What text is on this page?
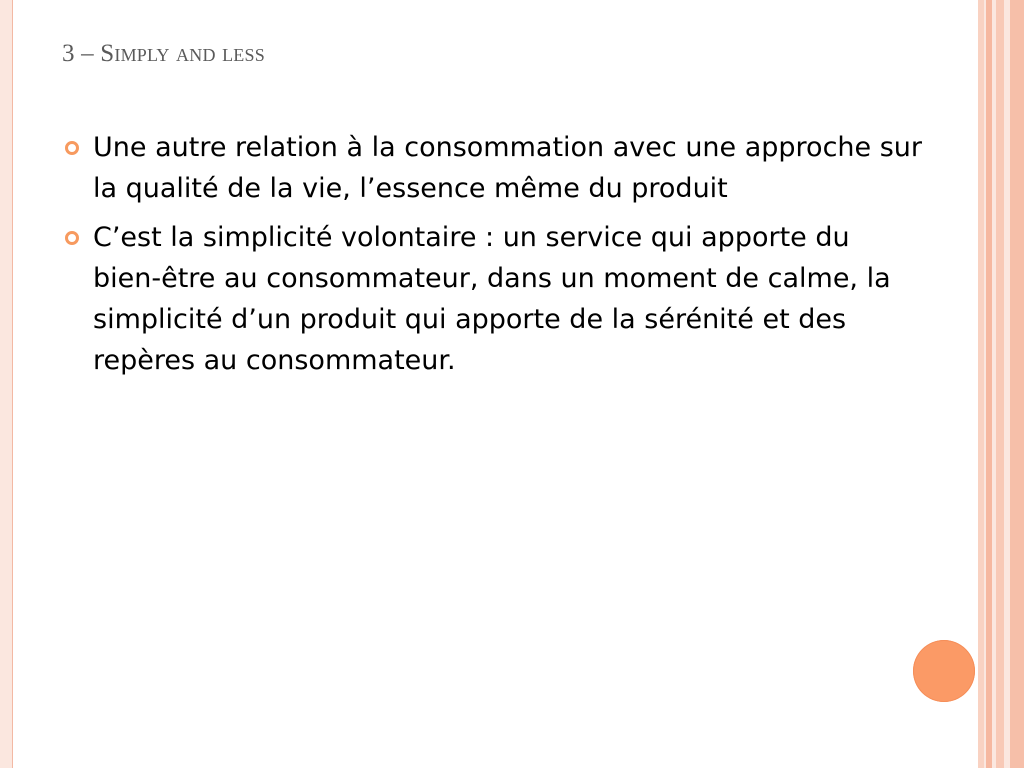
3 – Simply and less
Une autre relation à la consommation avec une approche sur la qualité de la vie, l’essence même du produit
C’est la simplicité volontaire : un service qui apporte du bien-être au consommateur, dans un moment de calme, la simplicité d’un produit qui apporte de la sérénité et des repères au consommateur.
